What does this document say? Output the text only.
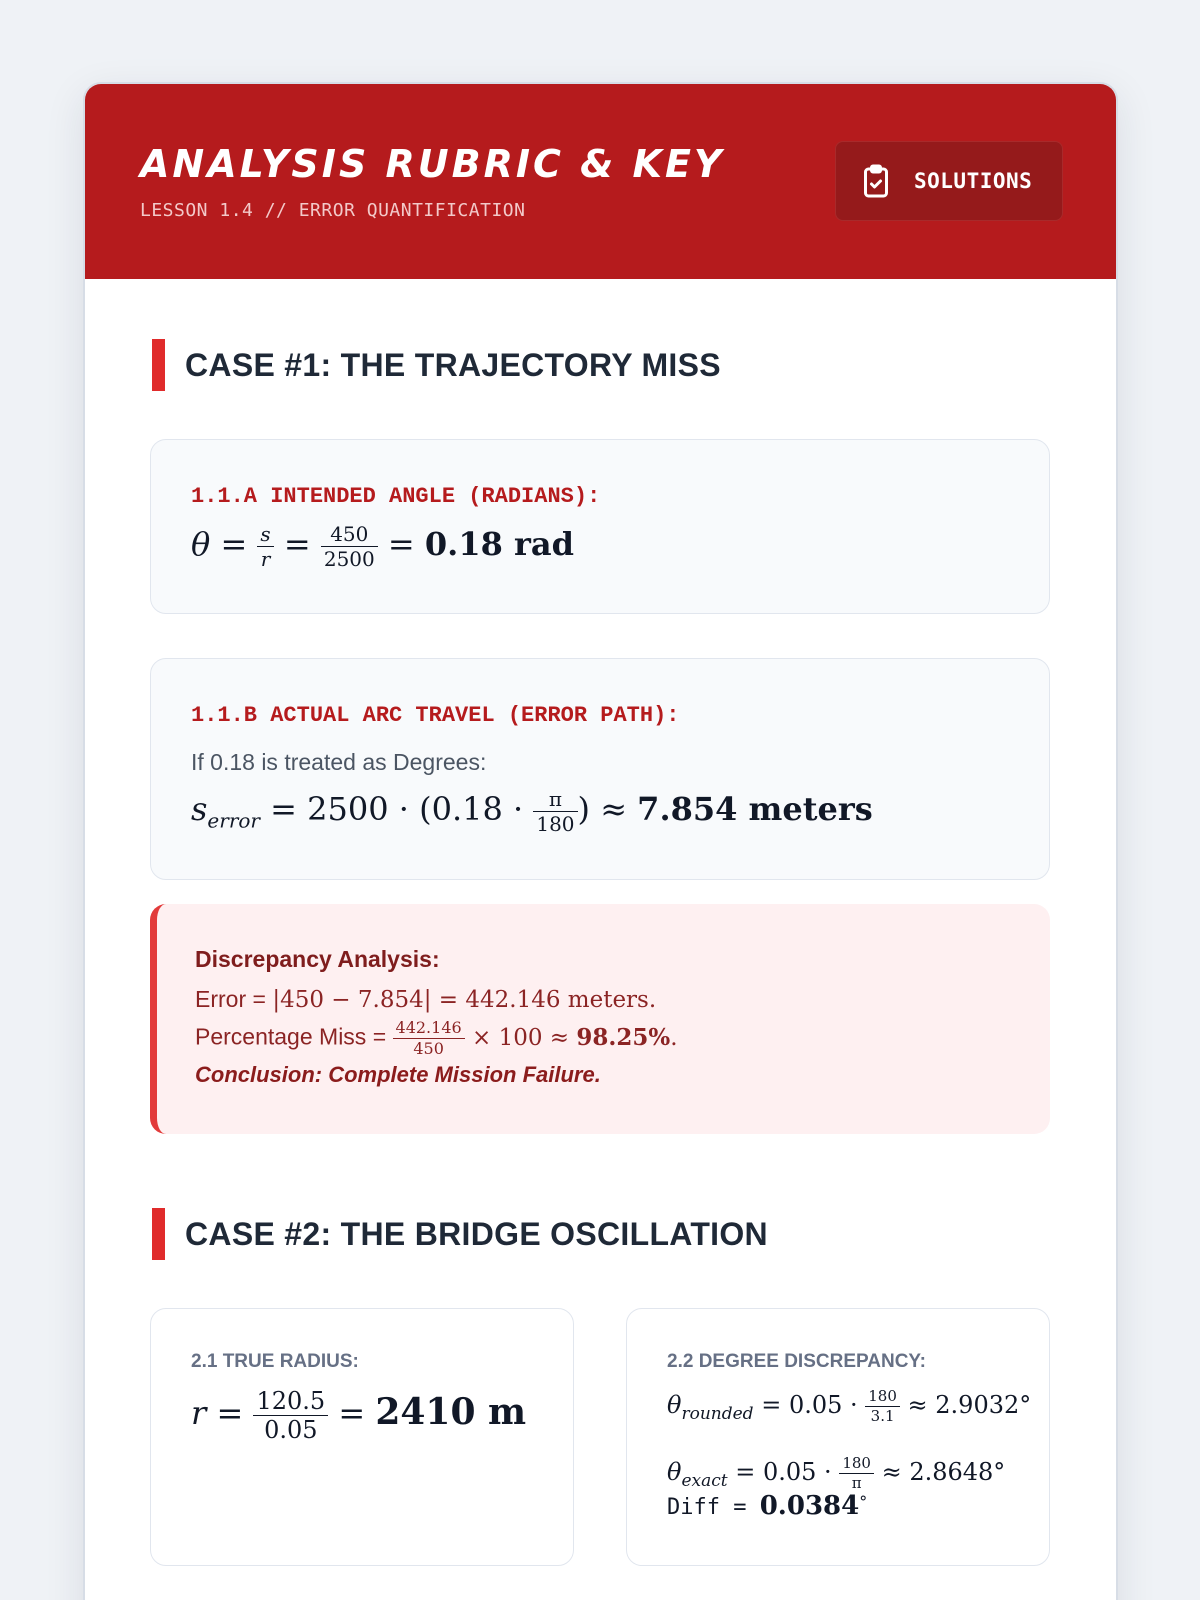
ANALYSIS RUBRIC & KEY
LESSON 1.4 // ERROR QUANTIFICATION
SOLUTIONS
CASE #1: THE TRAJECTORY MISS
1.1.A INTENDED ANGLE (RADIANS):
$\theta = \frac{s}{r} = \frac{450}{2500} = 0.18$ rad
1.1.B ACTUAL ARC TRAVEL (ERROR PATH):
If 0.18 is treated as Degrees:
$s_{error} = 2500 \cdot (0.18 \cdot \frac{\pi}{180}$ ) ≈ 7.854 meters
Discrepancy Analysis:
Error = |450 − 7.854| = 442.146 meters.
Percentage Miss = $\frac{442.146}{450} \times 100 \approx 98.25\%$.
Conclusion: Complete Mission Failure.
CASE #2: THE BRIDGE OSCILLATION
2.1 TRUE RADIUS:
$r = \frac{120.5}{0.05} = 2410$ m
2.2 DEGREE DISCREPANCY:
$\theta_{rounded} = 0.05 \cdot \frac{180}{3.1} \approx 2.9032^\circ$
$\theta_{exact} = 0.05 \cdot \frac{180}{\pi} \approx 2.8648^\circ$
Diff = 0.0384°
